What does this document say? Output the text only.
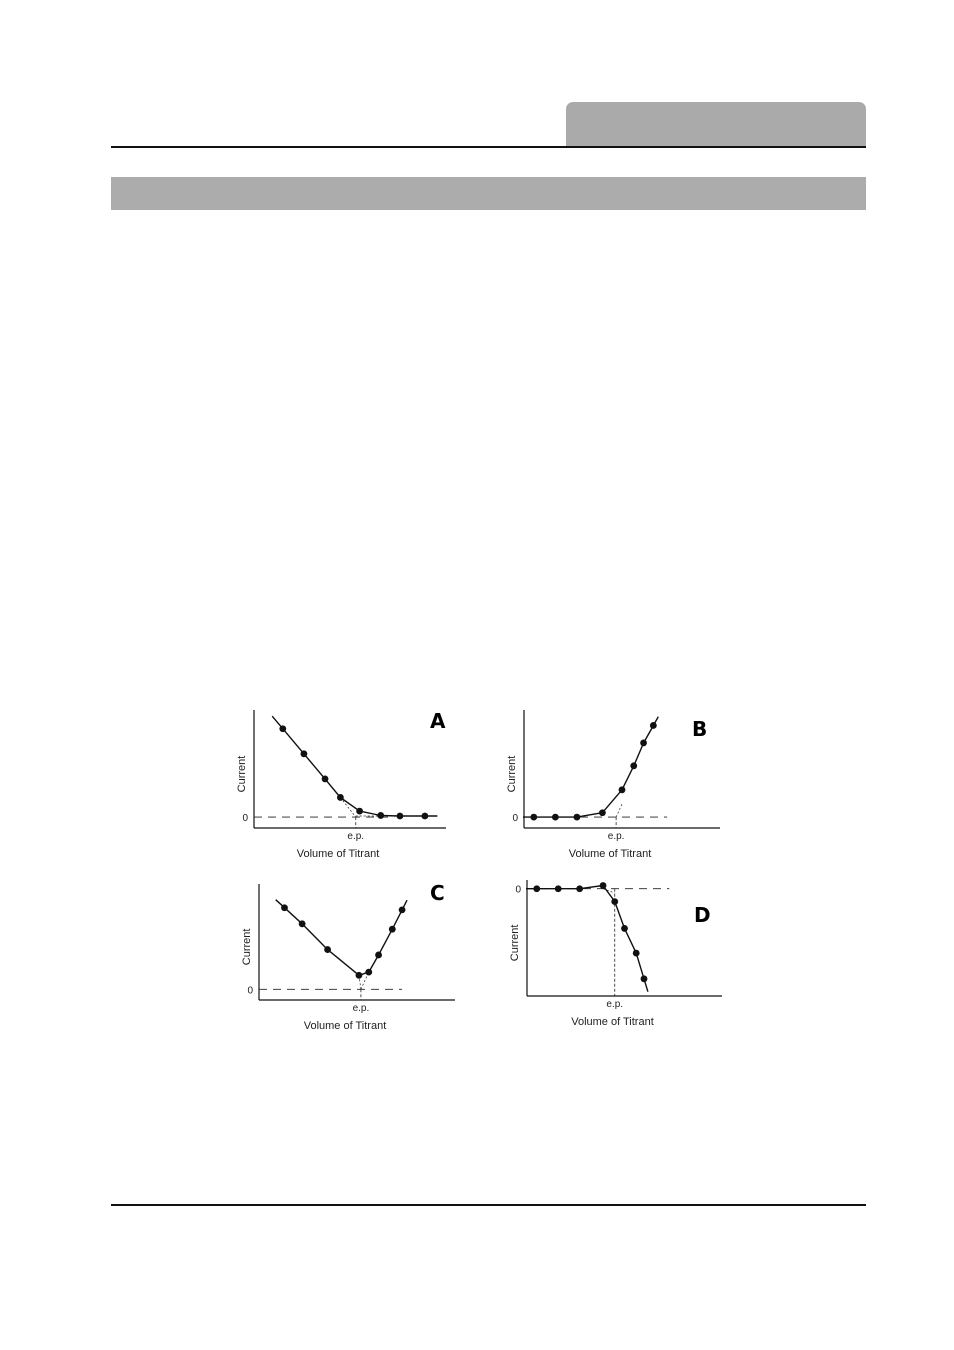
0
e.p.
Volume of Titrant
Current
A
0
e.p.
Volume of Titrant
Current
B
0
e.p.
Volume of Titrant
Current
C	0
e.p.
Volume of Titrant
Current
D
